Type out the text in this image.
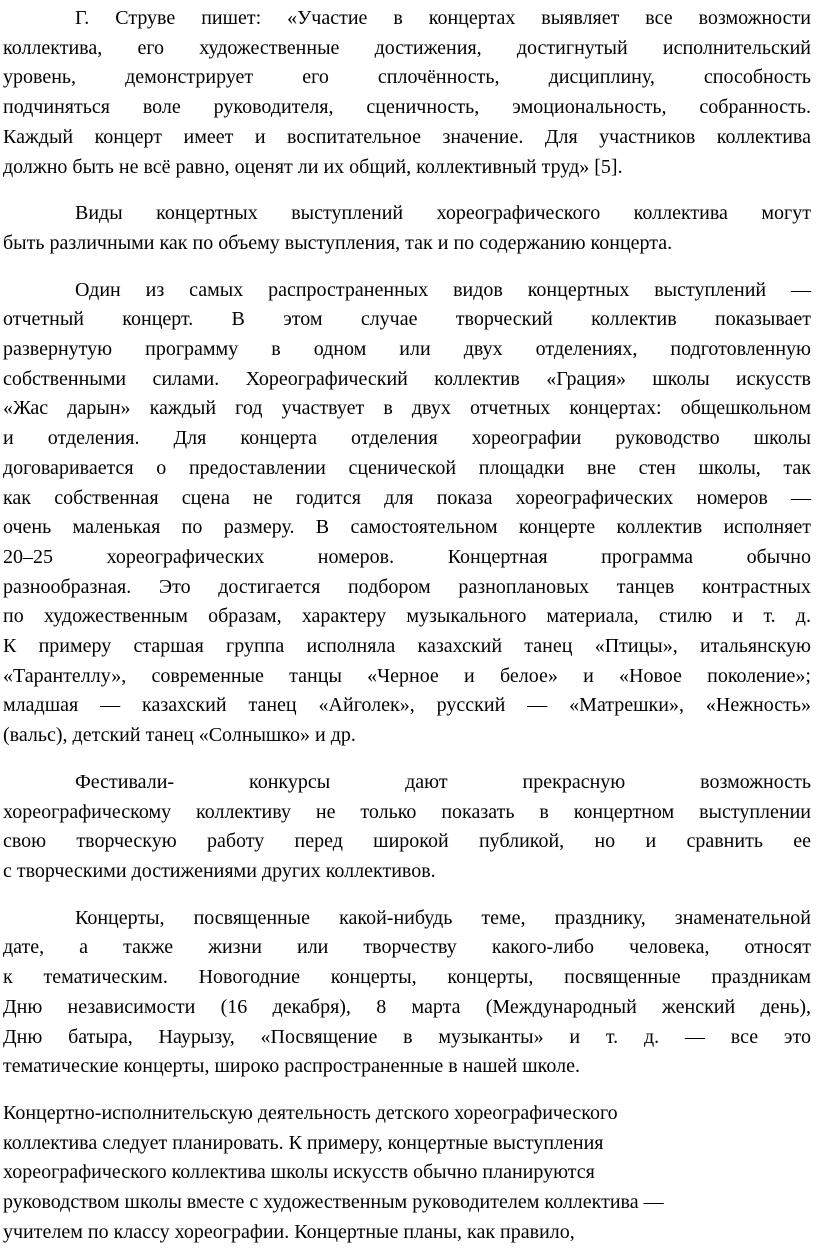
Г. Струве пишет: «Участие в концертах выявляет все возможности
коллектива, его художественные достижения, достигнутый исполнительский
уровень, демонстрирует его сплочённость, дисциплину, способность
подчиняться воле руководителя, сценичность, эмоциональность, собранность.
Каждый концерт имеет и воспитательное значение. Для участников коллектива
должно быть не всё равно, оценят ли их общий, коллективный труд» [5].
Виды концертных выступлений хореографического коллектива могут
быть различными как по объему выступления, так и по содержанию концерта.
Один из самых распространенных видов концертных выступлений —
отчетный концерт. В этом случае творческий коллектив показывает
развернутую программу в одном или двух отделениях, подготовленную
собственными силами. Хореографический коллектив «Грация» школы искусств
«Жас дарын» каждый год участвует в двух отчетных концертах: общешкольном
и отделения. Для концерта отделения хореографии руководство школы
договаривается о предоставлении сценической площадки вне стен школы, так
как собственная сцена не годится для показа хореографических номеров —
очень маленькая по размеру. В самостоятельном концерте коллектив исполняет
20–25 хореографических номеров. Концертная программа обычно
разнообразная. Это достигается подбором разноплановых танцев контрастных
по художественным образам, характеру музыкального материала, стилю и т. д.
К примеру старшая группа исполняла казахский танец «Птицы», итальянскую
«Тарантеллу», современные танцы «Черное и белое» и «Новое поколение»;
младшая — казахский танец «Айголек», русский — «Матрешки», «Нежность»
(вальс), детский танец «Солнышко» и др.
Фестивали- конкурсы дают прекрасную возможность
хореографическому коллективу не только показать в концертном выступлении
свою творческую работу перед широкой публикой, но и сравнить ее
с творческими достижениями других коллективов.
Концерты, посвященные какой-нибудь теме, празднику, знаменательной
дате, а также жизни или творчеству какого-либо человека, относят
к тематическим. Новогодние концерты, концерты, посвященные праздникам
Дню независимости (16 декабря), 8 марта (Международный женский день),
Дню батыра, Наурызу, «Посвящение в музыканты» и т. д. — все это
тематические концерты, широко распространенные в нашей школе.
Концертно-исполнительскую деятельность детского хореографического
коллектива следует планировать. К примеру, концертные выступления
хореографического коллектива школы искусств обычно планируются
руководством школы вместе с художественным руководителем коллектива —
учителем по классу хореографии. Концертные планы, как правило,
